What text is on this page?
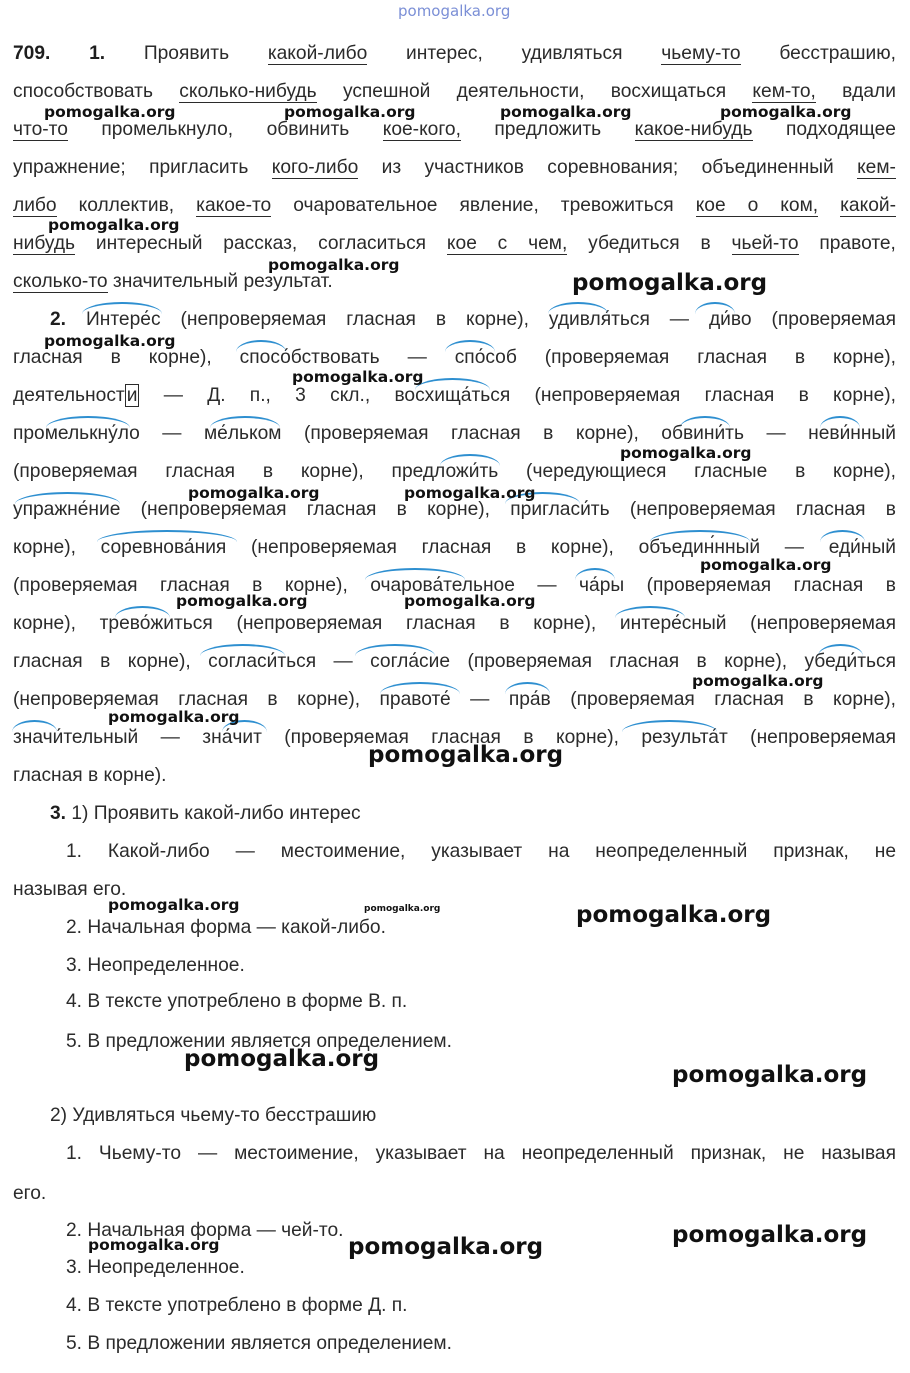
pomogalka.org
709. 1. Проявить какой-либо интерес, удивляться чьему-то бесстрашию,
способствовать сколько-нибудь успешной деятельности, восхищаться кем-то, вдали
что-то промелькнуло, обвинить кое-кого, предложить какое-нибудь подходящее
упражнение; пригласить кого-либо из участников соревнования; объединенный кем-
либо коллектив, какое-то очаровательное явление, тревожиться кое о ком, какой-
нибудь интересный рассказ, согласиться кое с чем, убедиться в чьей-то правоте,
сколько-то значительный результат.
2. Интере́с (непроверяемая гласная в корне), удивля́ться — ди́во (проверяемая
гласная в корне), спосо́бствовать — спо́соб (проверяемая гласная в корне),
деятельност и — Д. п., 3 скл., восхища́ться (непроверяемая гласная в корне),
промелькну́ло — ме́льком (проверяемая гласная в корне), обвини́ть — неви́нный
(проверяемая гласная в корне), предложи́ть (чередующиеся гласные в корне),
упражне́ние (непроверяемая гласная в корне), пригласи́ть (непроверяемая гласная в
корне), соревнова́ния (непроверяемая гласная в корне), объедин́нный — еди́ный
(проверяемая гласная в корне), очарова́тельное — ча́ры (проверяемая гласная в
корне), трево́житься (непроверяемая гласная в корне), интере́сный (непроверяемая
гласная в корне), согласи́ться — согла́сие (проверяемая гласная в корне), убеди́ться
(непроверяемая гласная в корне), правоте́ — пра́в (проверяемая гласная в корне),
значи́тельный — зна́чит (проверяемая гласная в корне), результа́т (непроверяемая
гласная в корне).
3. 1) Проявить какой-либо интерес
1. Какой-либо — местоимение, указывает на неопределенный признак, не
называя его.
2. Начальная форма — какой-либо.
3. Неопределенное.
4. В тексте употреблено в форме В. п.
5. В предложении является определением.
2) Удивляться чьему-то бесстрашию
1. Чьему-то — местоимение, указывает на неопределенный признак, не называя
его.
2. Начальная форма — чей-то.
3. Неопределенное.
4. В тексте употреблено в форме Д. п.
5. В предложении является определением.
pomogalka.org	pomogalka.org	pomogalka.org	pomogalka.org
pomogalka.org
pomogalka.org
pomogalka.org
pomogalka.org
pomogalka.org
pomogalka.org
pomogalka.org	pomogalka.org
pomogalka.org
pomogalka.org	pomogalka.org
pomogalka.org
pomogalka.org
pomogalka.org
pomogalka.org	pomogalka.org	pomogalka.org
pomogalka.org
pomogalka.org
pomogalka.org
pomogalka.org	pomogalka.org
